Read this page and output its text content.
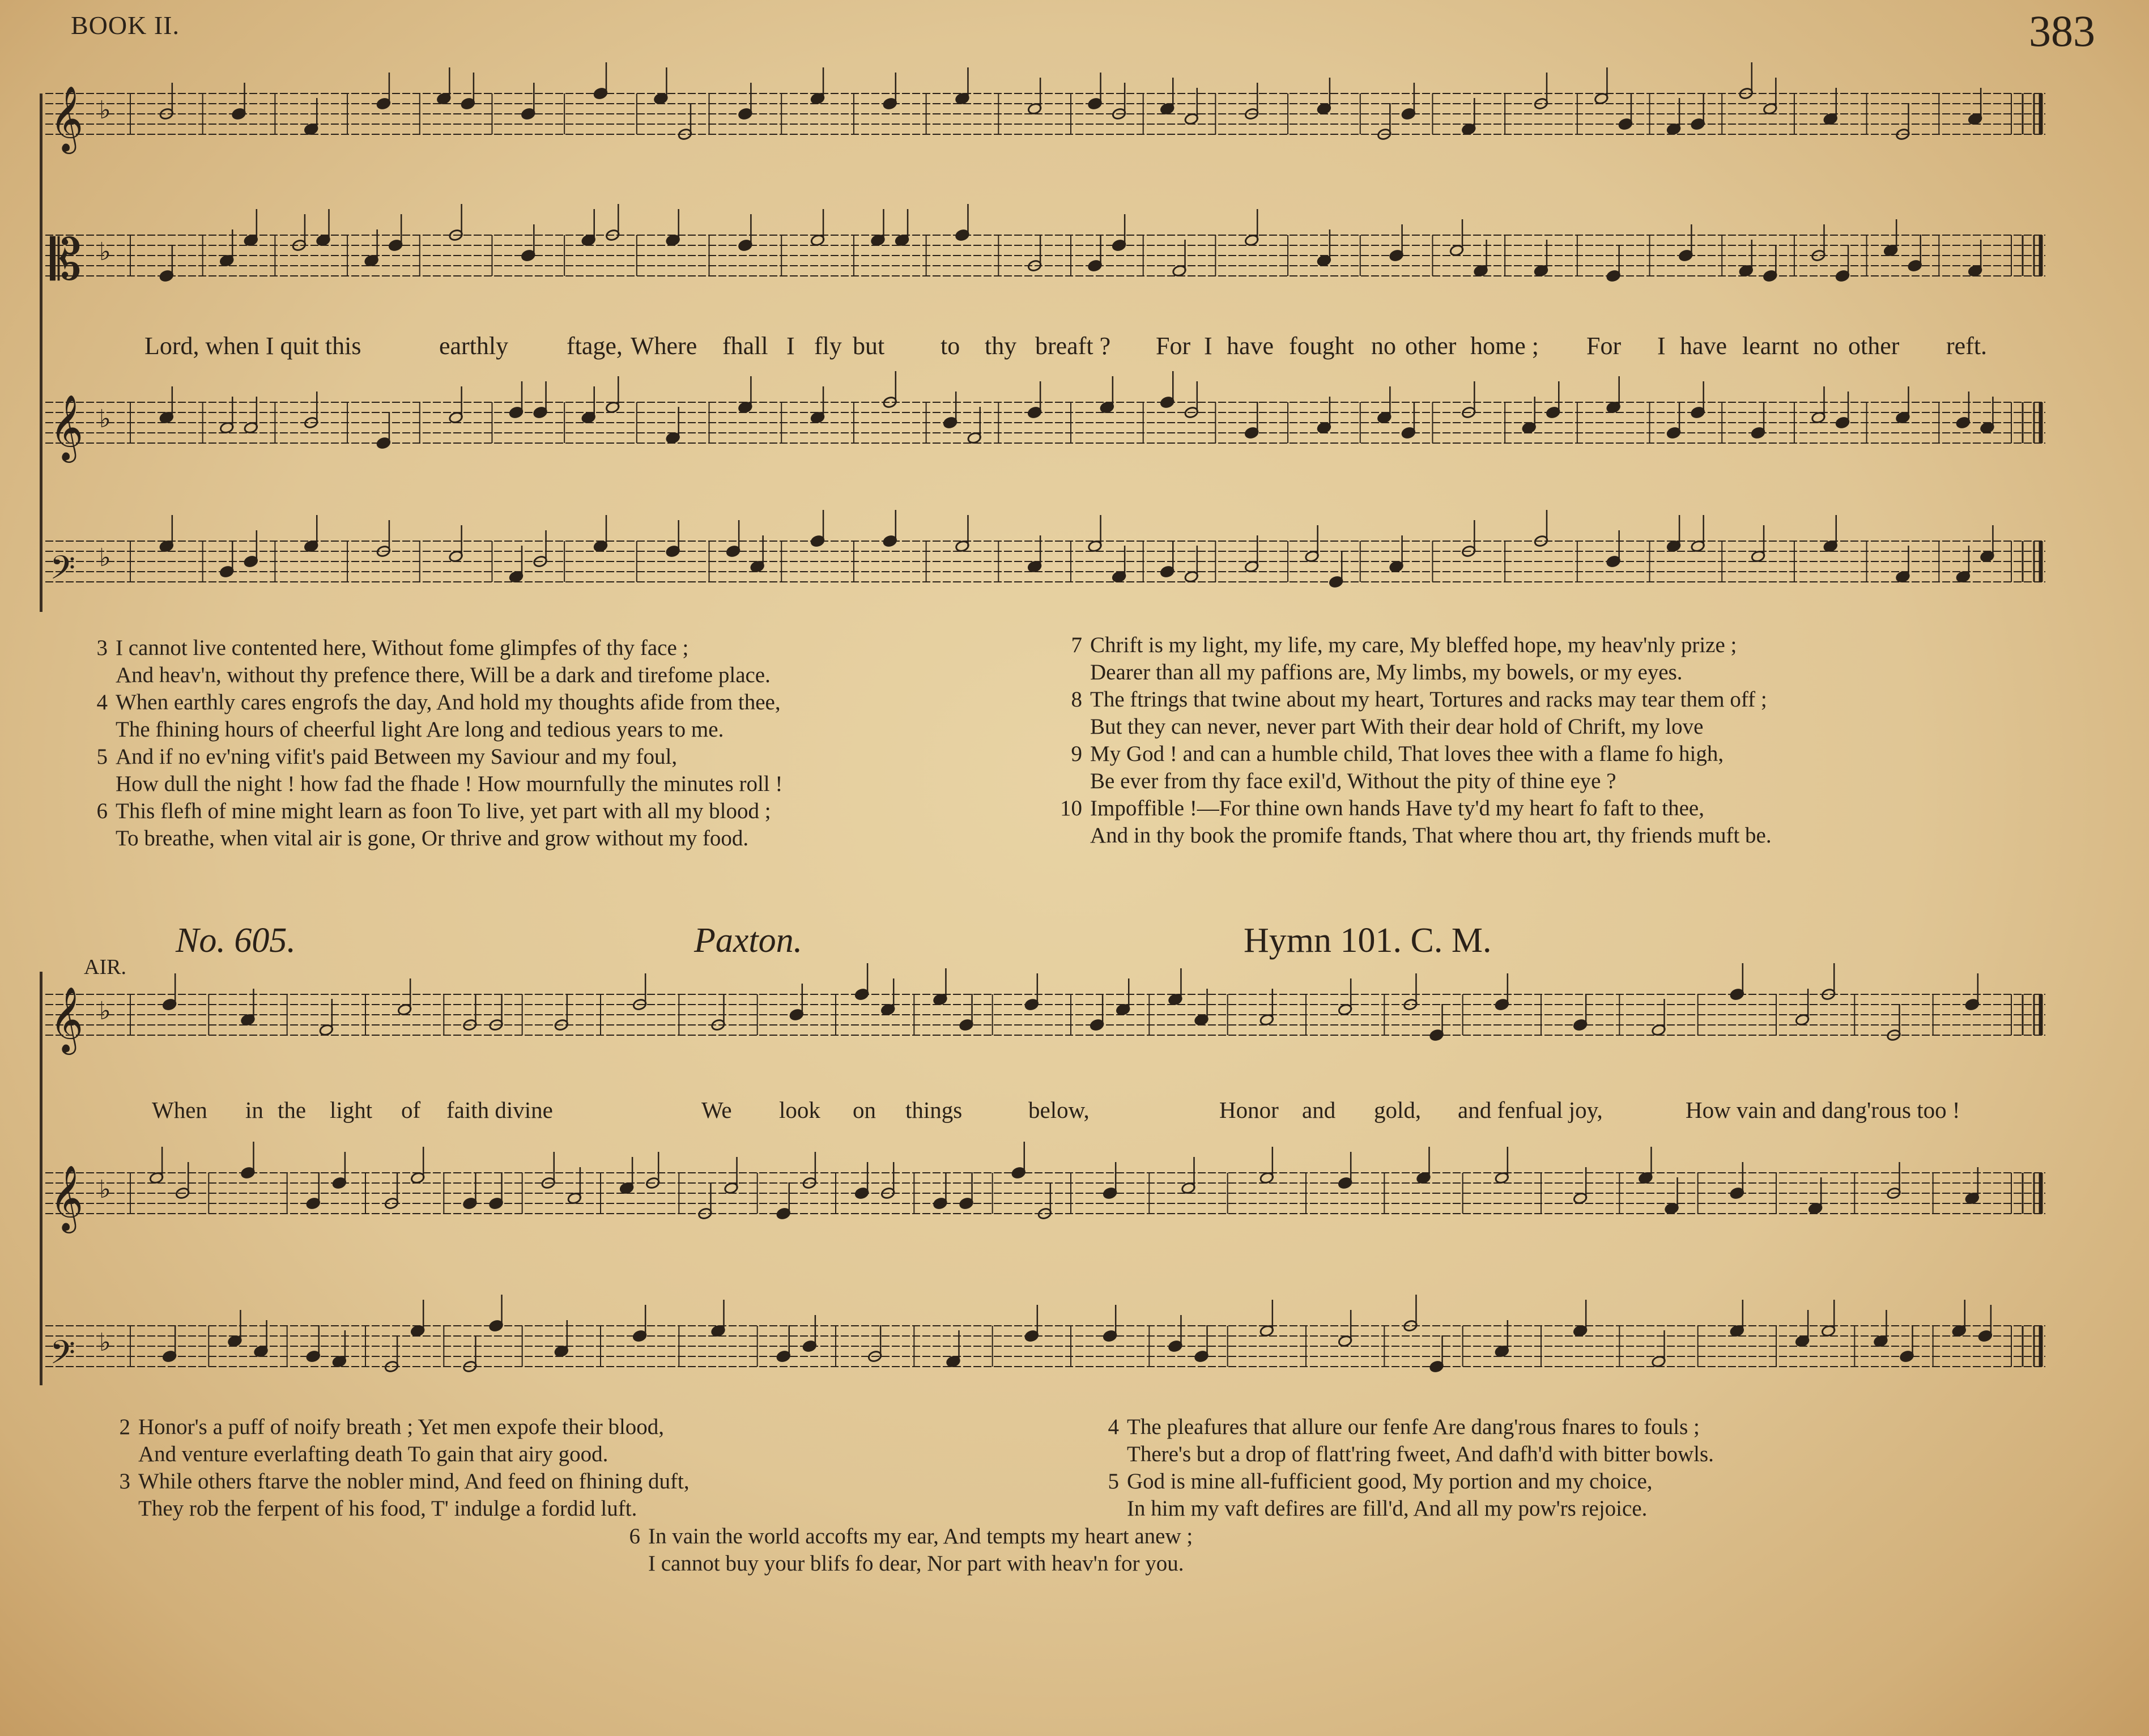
BOOK II.	383
𝄞 ♭
𝄡 ♭
𝄞 ♭
𝄢 ♭
𝄞 ♭
𝄞 ♭
𝄢 ♭
Lord, when I quit this	earthly ftage, Where fhall I fly but to thy breaft ? For I have fought no other home ; For I have learnt no other reft.
3 I cannot live contented here, Without fome glimpfes of thy face ;
And heav'n, without thy prefence there, Will be a dark and tirefome place.
4 When earthly cares engrofs the day, And hold my thoughts afide from thee,
The fhining hours of cheerful light Are long and tedious years to me.
5 And if no ev'ning vifit's paid Between my Saviour and my foul,
How dull the night ! how fad the fhade ! How mournfully the minutes roll !
6 This flefh of mine might learn as foon To live, yet part with all my blood ;
To breathe, when vital air is gone, Or thrive and grow without my food.
7 Chrift is my light, my life, my care, My bleffed hope, my heav'nly prize ;
Dearer than all my paffions are, My limbs, my bowels, or my eyes.
8 The ftrings that twine about my heart, Tortures and racks may tear them off ;
But they can never, never part With their dear hold of Chrift, my love
9 My God ! and can a humble child, That loves thee with a flame fo high,
Be ever from thy face exil'd, Without the pity of thine eye ?
10 Impoffible !—For thine own hands Have ty'd my heart fo faft to thee,
And in thy book the promife ftands, That where thou art, thy friends muft be.
AIR.
No. 605.	Paxton.	Hymn 101. C. M.
When in the light of faith divine	We look on things	below,	Honor and gold, and fenfual joy,	How vain and dang'rous too !
2 Honor's a puff of noify breath ; Yet men expofe their blood,
And venture everlafting death To gain that airy good.
3 While others ftarve the nobler mind, And feed on fhining duft,
They rob the ferpent of his food, T' indulge a fordid luft.
4 The pleafures that allure our fenfe Are dang'rous fnares to fouls ;
There's but a drop of flatt'ring fweet, And dafh'd with bitter bowls.
5 God is mine all-fufficient good, My portion and my choice,
In him my vaft defires are fill'd, And all my pow'rs rejoice.
6 In vain the world accofts my ear, And tempts my heart anew ;
I cannot buy your blifs fo dear, Nor part with heav'n for you.
